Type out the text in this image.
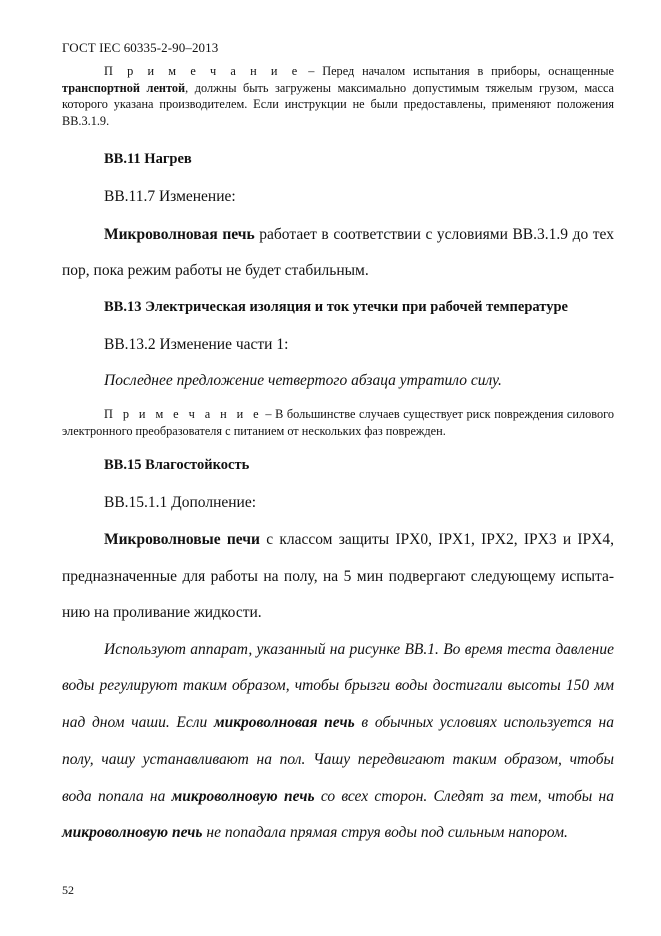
ГОСТ IEC 60335-2-90–2013

П р и м е ч а н и е – Перед началом испытания в приборы, оснащенные транспортной лентой, должны быть загружены максимально допустимым тяжелым грузом, масса которого указана производителем. Если инструкции не были предоставлены, применяют положения ВВ.3.1.9.

ВВ.11 Нагрев
ВВ.11.7 Изменение:
Микроволновая печь работает в соответствии с условиями ВВ.3.1.9 до тех
пор, пока режим работы не будет стабильным.
ВВ.13 Электрическая изоляция и ток утечки при рабочей температуре
ВВ.13.2 Изменение части 1:
Последнее предложение четвертого абзаца утратило силу.

П р и м е ч а н и е – В большинстве случаев существует риск повреждения силового электронного преобразователя с питанием от нескольких фаз поврежден.

ВВ.15 Влагостойкость
ВВ.15.1.1 Дополнение:
Микроволновые печи с классом защиты IPX0, IPX1, IPX2, IPX3 и IPX4,
предназначенные для работы на полу, на 5 мин подвергают следующему испыта-
нию на проливание жидкости.
Используют аппарат, указанный на рисунке ВВ.1. Во время теста давление
воды регулируют таким образом, чтобы брызги воды достигали высоты 150 мм
над дном чаши. Если микроволновая печь в обычных условиях используется на
полу, чашу устанавливают на пол. Чашу передвигают таким образом, чтобы
вода попала на микроволновую печь со всех сторон. Следят за тем, чтобы на
микроволновую печь не попадала прямая струя воды под сильным напором.
52
